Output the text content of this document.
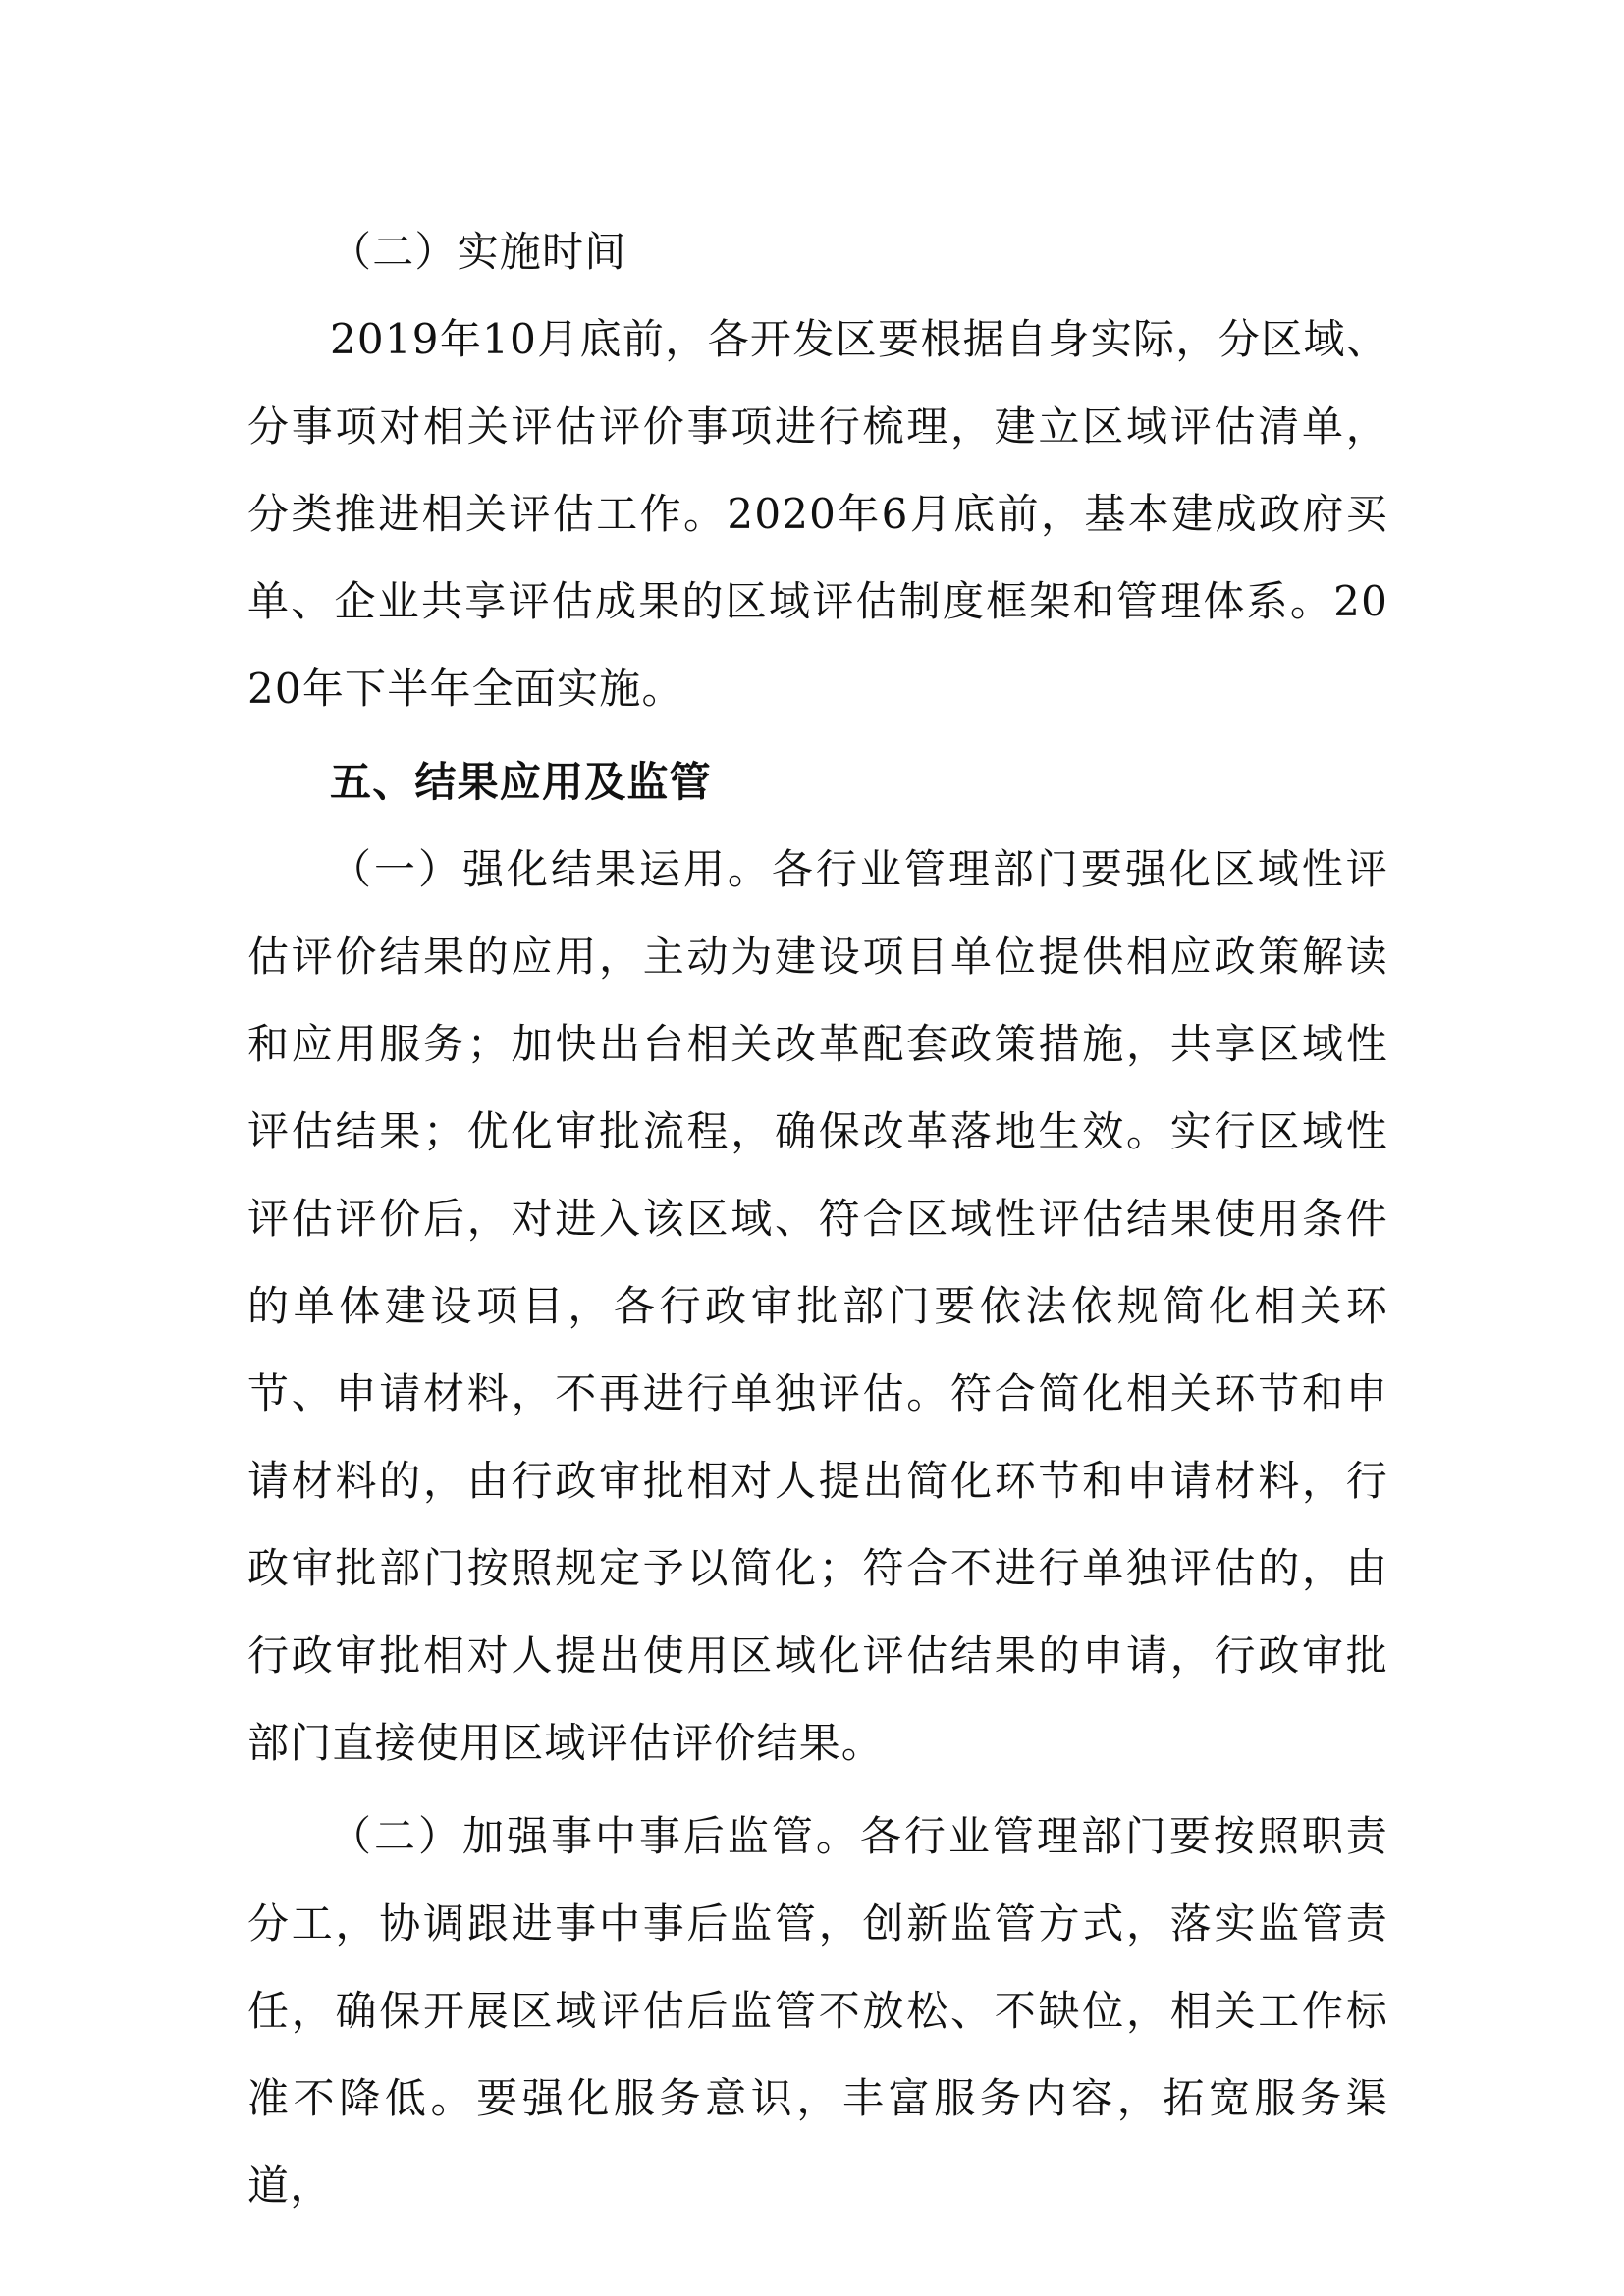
（二）实施时间

2019年10月底前，各开发区要根据自身实际，分区域、分事项对相关评估评价事项进行梳理，建立区域评估清单，分类推进相关评估工作。2020年6月底前，基本建成政府买单、企业共享评估成果的区域评估制度框架和管理体系。2020年下半年全面实施。

五、结果应用及监管

（一）强化结果运用。各行业管理部门要强化区域性评估评价结果的应用，主动为建设项目单位提供相应政策解读和应用服务；加快出台相关改革配套政策措施，共享区域性评估结果；优化审批流程，确保改革落地生效。实行区域性评估评价后，对进入该区域、符合区域性评估结果使用条件的单体建设项目，各行政审批部门要依法依规简化相关环节、申请材料，不再进行单独评估。符合简化相关环节和申请材料的，由行政审批相对人提出简化环节和申请材料，行政审批部门按照规定予以简化；符合不进行单独评估的，由行政审批相对人提出使用区域化评估结果的申请，行政审批部门直接使用区域评估评价结果。

（二）加强事中事后监管。各行业管理部门要按照职责分工，协调跟进事中事后监管，创新监管方式，落实监管责任，确保开展区域评估后监管不放松、不缺位，相关工作标准不降低。要强化服务意识，丰富服务内容，拓宽服务渠道，
